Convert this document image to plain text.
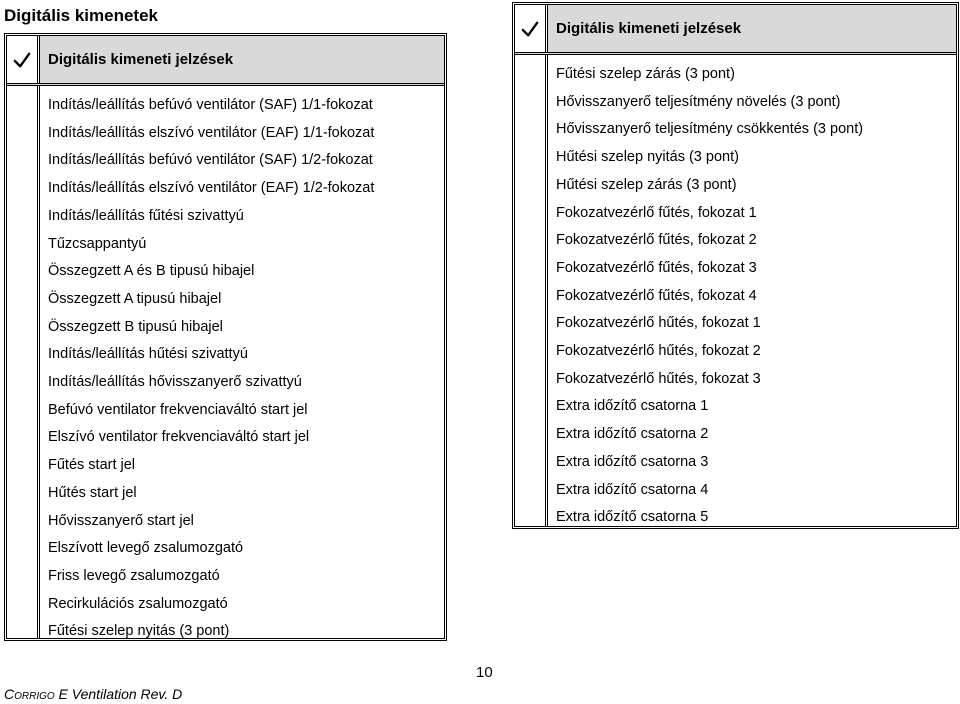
Digitális kimenetek
Digitális kimeneti jelzések
Indítás/leállítás befúvó ventilátor (SAF) 1/1-fokozat
Indítás/leállítás elszívó ventilátor (EAF) 1/1-fokozat
Indítás/leállítás befúvó ventilátor (SAF) 1/2-fokozat
Indítás/leállítás elszívó ventilátor (EAF) 1/2-fokozat
Indítás/leállítás fűtési szivattyú
Tűzcsappantyú
Összegzett A és B tipusú hibajel
Összegzett A tipusú hibajel
Összegzett B tipusú hibajel
Indítás/leállítás hűtési szivattyú
Indítás/leállítás hővisszanyerő szivattyú
Befúvó ventilator frekvenciaváltó start jel
Elszívó ventilator frekvenciaváltó start jel
Fűtés start jel
Hűtés start jel
Hővisszanyerő start jel
Elszívott levegő zsalumozgató
Friss levegő zsalumozgató
Recirkulációs zsalumozgató
Fűtési szelep nyitás (3 pont)
Digitális kimeneti jelzések
Fűtési szelep zárás (3 pont)
Hővisszanyerő teljesítmény növelés (3 pont)
Hővisszanyerő teljesítmény csökkentés (3 pont)
Hűtési szelep nyitás (3 pont)
Hűtési szelep zárás (3 pont)
Fokozatvezérlő fűtés, fokozat 1
Fokozatvezérlő fűtés, fokozat 2
Fokozatvezérlő fűtés, fokozat 3
Fokozatvezérlő fűtés, fokozat 4
Fokozatvezérlő hűtés, fokozat 1
Fokozatvezérlő hűtés, fokozat 2
Fokozatvezérlő hűtés, fokozat 3
Extra időzítő csatorna 1
Extra időzítő csatorna 2
Extra időzítő csatorna 3
Extra időzítő csatorna 4
Extra időzítő csatorna 5
10
Corrigo E Ventilation Rev. D
